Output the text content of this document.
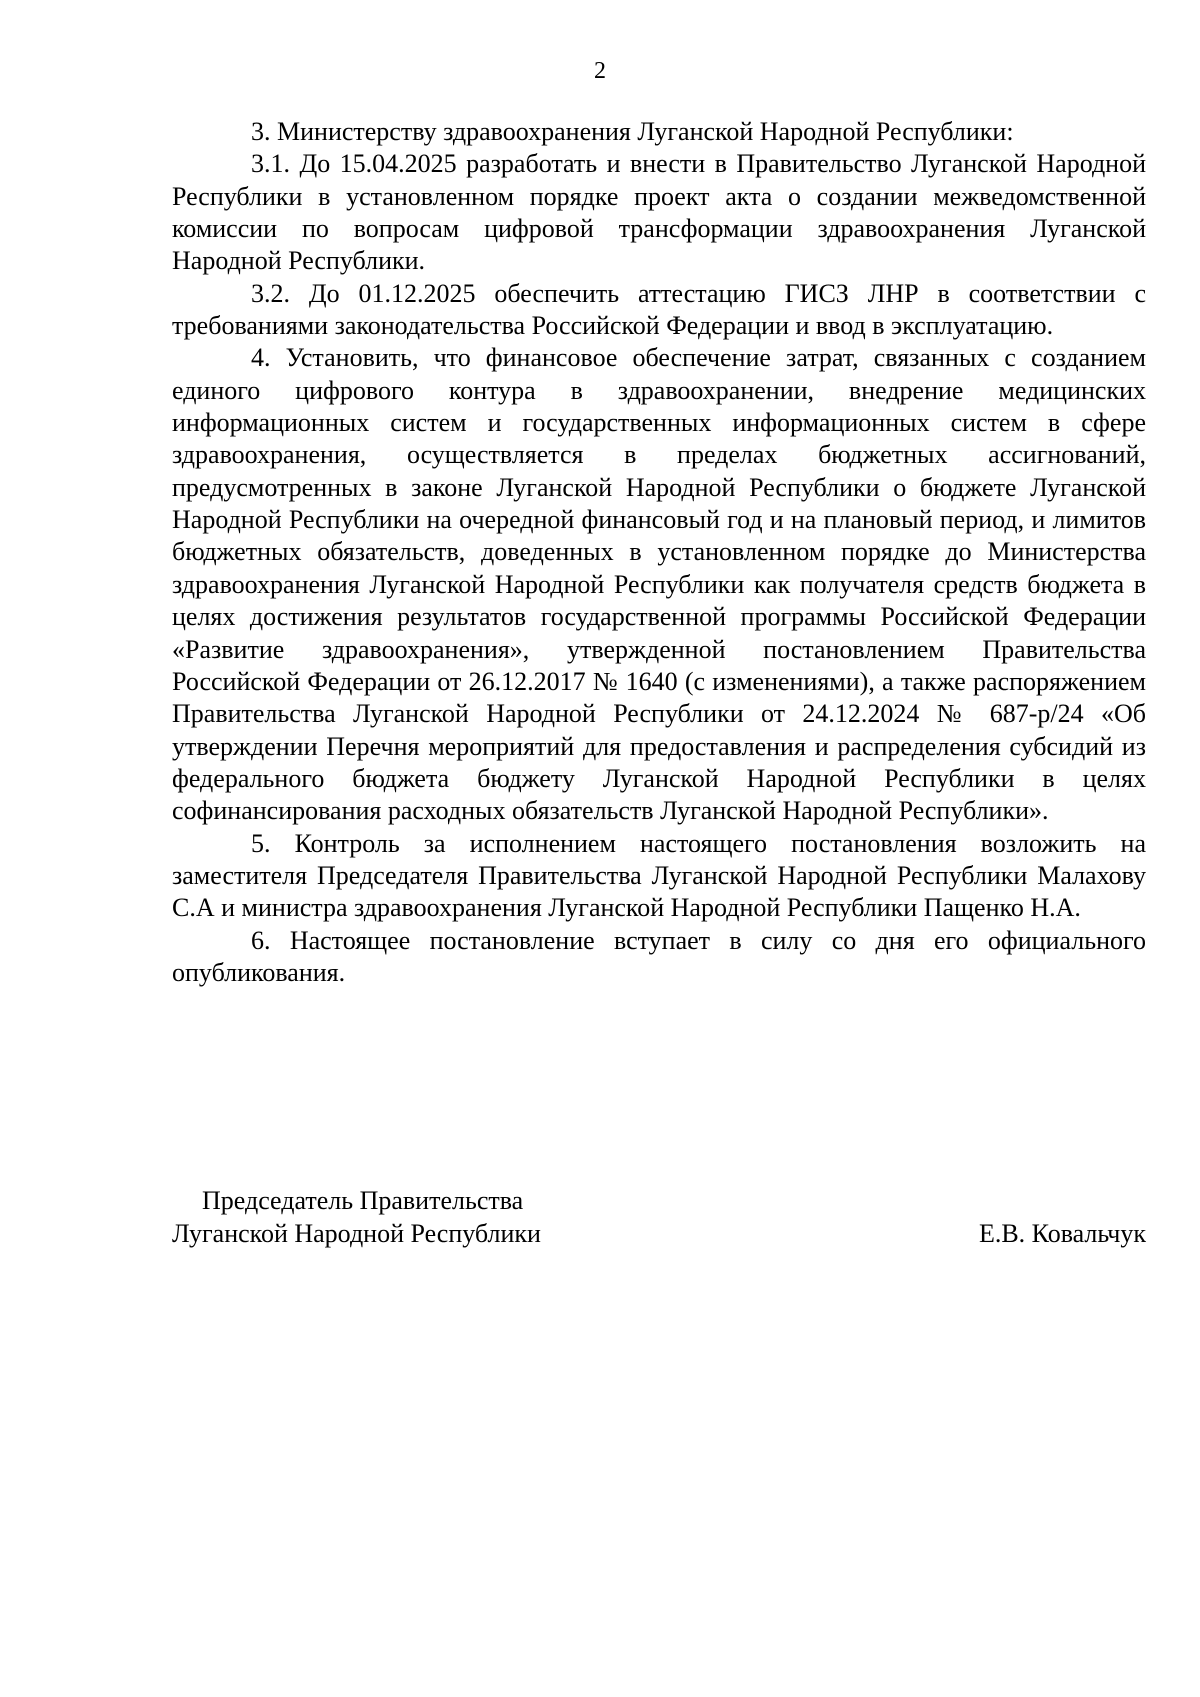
2

3. Министерству здравоохранения Луганской Народной Республики:

3.1. До 15.04.2025 разработать и внести в Правительство Луганской Народной Республики в установленном порядке проект акта о создании межведомственной комиссии по вопросам цифровой трансформации здравоохранения Луганской Народной Республики.

3.2. До 01.12.2025 обеспечить аттестацию ГИСЗ ЛНР в соответствии с требованиями законодательства Российской Федерации и ввод в эксплуатацию.

4. Установить, что финансовое обеспечение затрат, связанных с созданием единого цифрового контура в здравоохранении, внедрение медицинских информационных систем и государственных информационных систем в сфере здравоохранения, осуществляется в пределах бюджетных ассигнований, предусмотренных в законе Луганской Народной Республики о бюджете Луганской Народной Республики на очередной финансовый год и на плановый период, и лимитов бюджетных обязательств, доведенных в установленном порядке до Министерства здравоохранения Луганской Народной Республики как получателя средств бюджета в целях достижения результатов государственной программы Российской Федерации «Развитие здравоохранения», утвержденной постановлением Правительства Российской Федерации от 26.12.2017 № 1640 (с изменениями), а также распоряжением Правительства Луганской Народной Республики от 24.12.2024 № 687-р/24 «Об утверждении Перечня мероприятий для предоставления и распределения субсидий из федерального бюджета бюджету Луганской Народной Республики в целях софинансирования расходных обязательств Луганской Народной Республики».

5. Контроль за исполнением настоящего постановления возложить на заместителя Председателя Правительства Луганской Народной Республики Малахову С.А и министра здравоохранения Луганской Народной Республики Пащенко Н.А.

6. Настоящее постановление вступает в силу со дня его официального опубликования.

Председатель Правительства
Луганской Народной Республики	Е.В. Ковальчук
